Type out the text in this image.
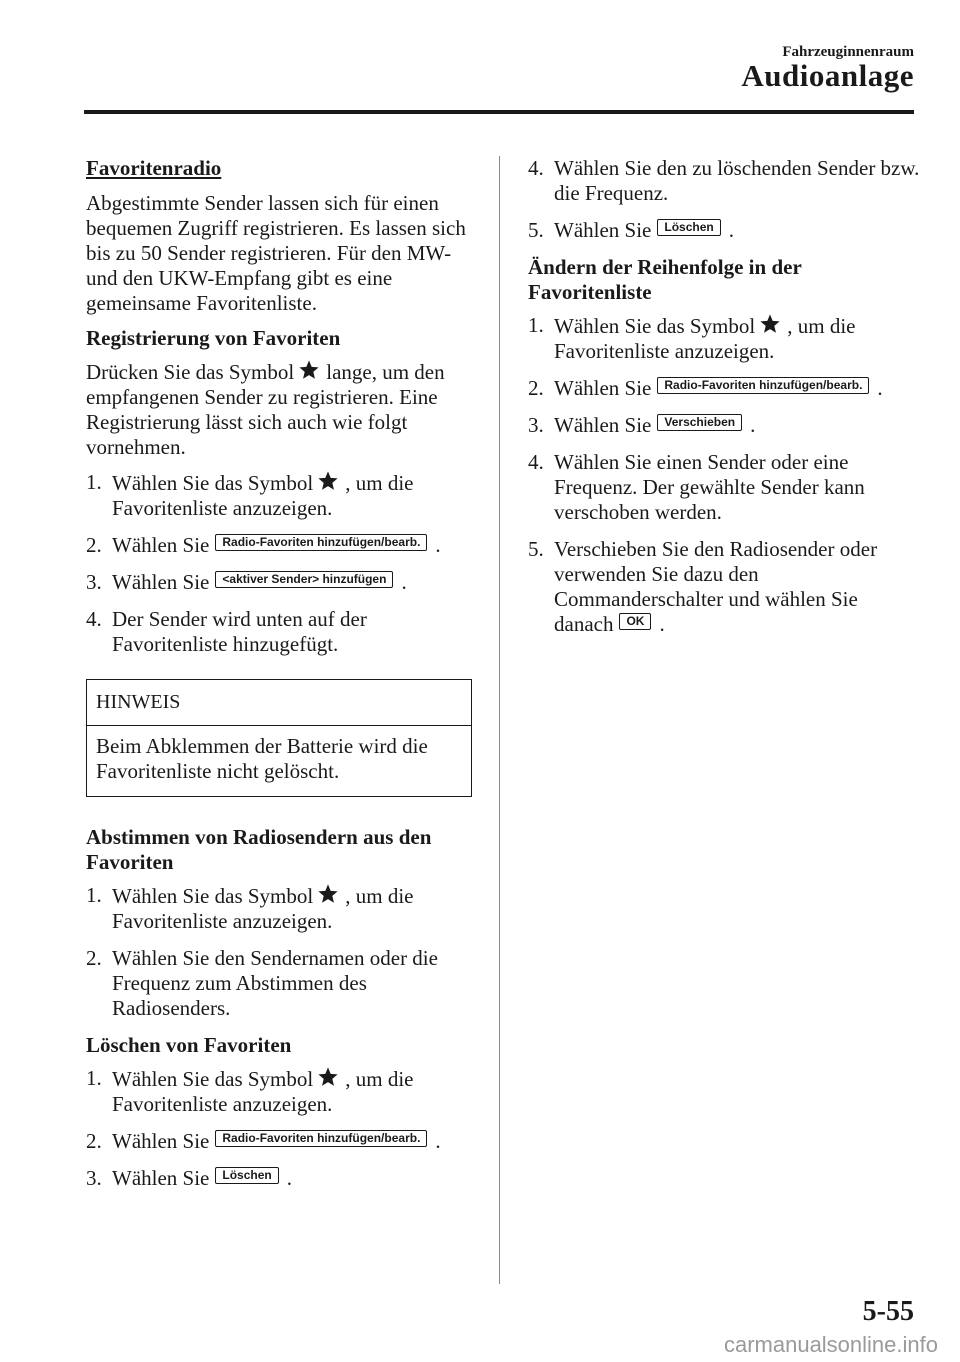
Fahrzeuginnenraum
Audioanlage
Favoritenradio
Abgestimmte Sender lassen sich für einen bequemen Zugriff registrieren. Es lassen sich bis zu 50 Sender registrieren. Für den MW- und den UKW-Empfang gibt es eine gemeinsame Favoritenliste.
Registrierung von Favoriten
Drücken Sie das Symbol lange, um den empfangenen Sender zu registrieren. Eine Registrierung lässt sich auch wie folgt vornehmen.
1. Wählen Sie das Symbol , um die Favoritenliste anzuzeigen.
2. Wählen Sie Radio-Favoriten hinzufügen/bearb. .
3. Wählen Sie <aktiver Sender> hinzufügen .
4. Der Sender wird unten auf der Favoritenliste hinzugefügt.
HINWEIS
Beim Abklemmen der Batterie wird die Favoritenliste nicht gelöscht.
Abstimmen von Radiosendern aus den Favoriten
1. Wählen Sie das Symbol , um die Favoritenliste anzuzeigen.
2. Wählen Sie den Sendernamen oder die Frequenz zum Abstimmen des Radiosenders.
Löschen von Favoriten
1. Wählen Sie das Symbol , um die Favoritenliste anzuzeigen.
2. Wählen Sie Radio-Favoriten hinzufügen/bearb. .
3. Wählen Sie Löschen .
4. Wählen Sie den zu löschenden Sender bzw. die Frequenz.
5. Wählen Sie Löschen .
Ändern der Reihenfolge in der Favoritenliste
1. Wählen Sie das Symbol , um die Favoritenliste anzuzeigen.
2. Wählen Sie Radio-Favoriten hinzufügen/bearb. .
3. Wählen Sie Verschieben .
4. Wählen Sie einen Sender oder eine Frequenz. Der gewählte Sender kann verschoben werden.
5. Verschieben Sie den Radiosender oder verwenden Sie dazu den Commanderschalter und wählen Sie danach OK .
5-55
carmanualsonline.info
